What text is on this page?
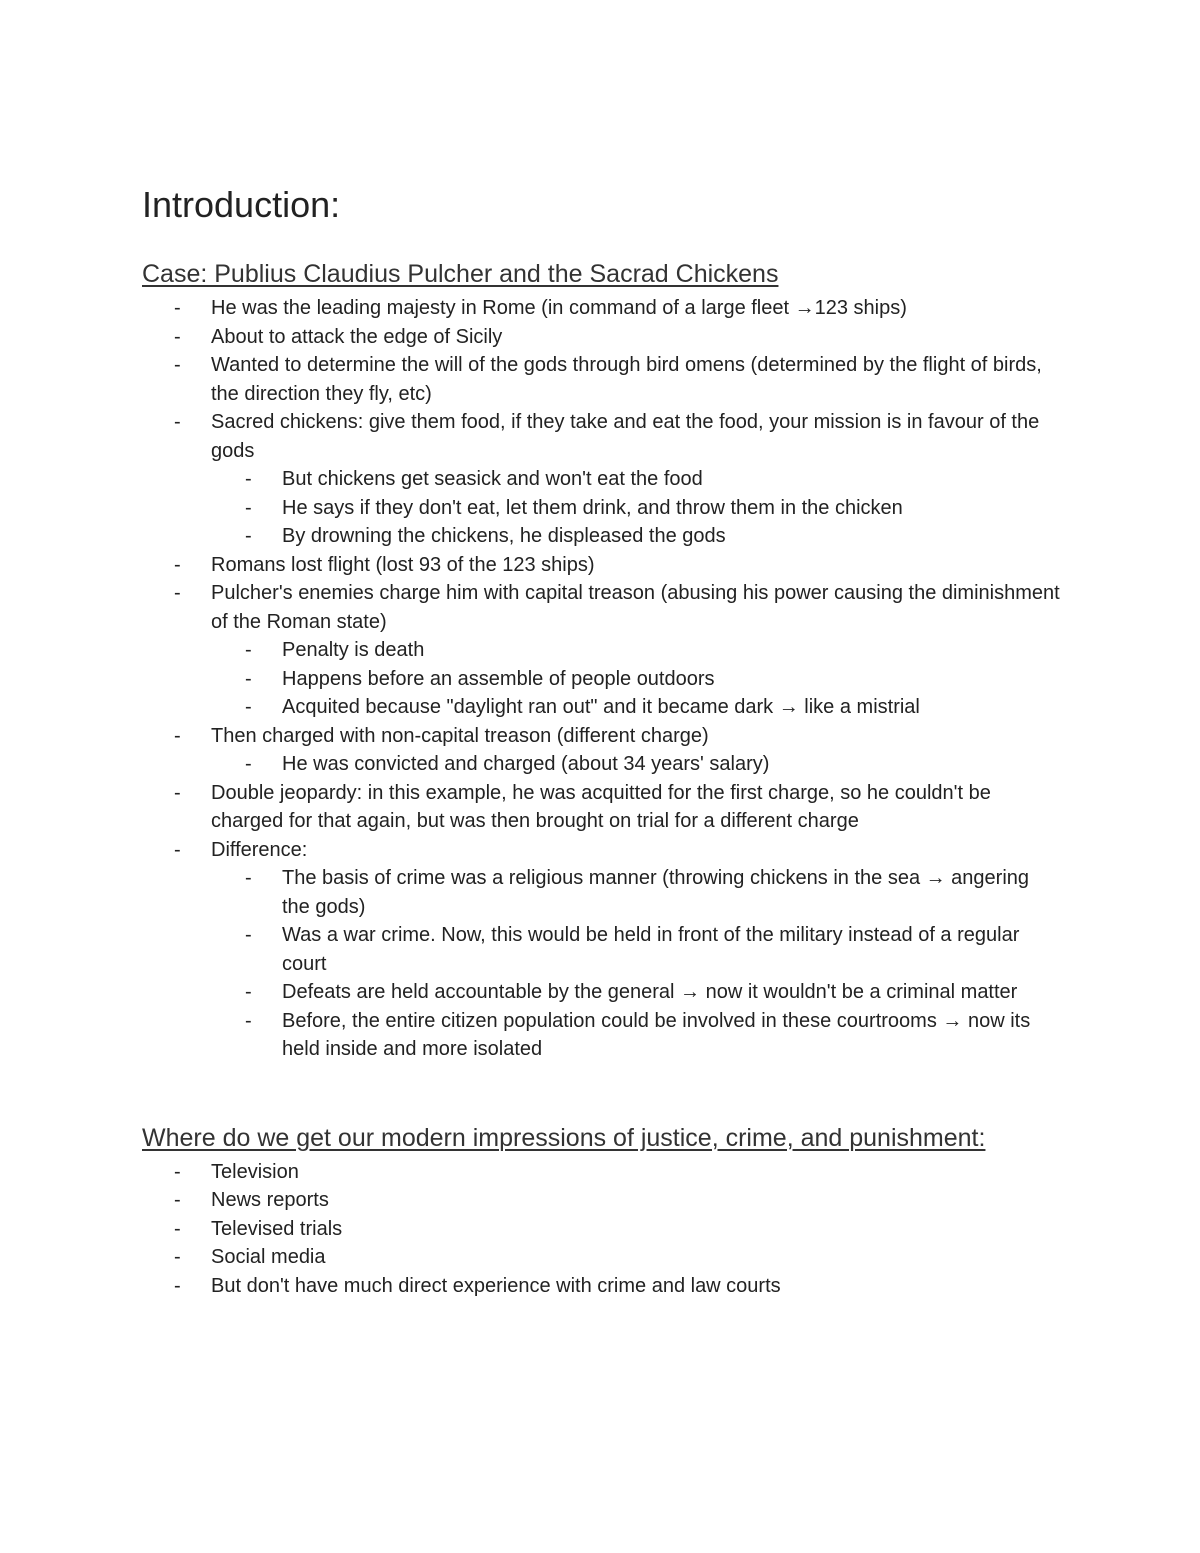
Introduction:
Case: Publius Claudius Pulcher and the Sacrad Chickens
- He was the leading majesty in Rome (in command of a large fleet →123 ships)
- About to attack the edge of Sicily
- Wanted to determine the will of the gods through bird omens (determined by the flight of birds, the direction they fly, etc)
- Sacred chickens: give them food, if they take and eat the food, your mission is in favour of the gods
- But chickens get seasick and won't eat the food
- He says if they don't eat, let them drink, and throw them in the chicken
- By drowning the chickens, he displeased the gods
- Romans lost flight (lost 93 of the 123 ships)
- Pulcher's enemies charge him with capital treason (abusing his power causing the diminishment of the Roman state)
- Penalty is death
- Happens before an assemble of people outdoors
- Acquited because "daylight ran out" and it became dark → like a mistrial
- Then charged with non-capital treason (different charge)
- He was convicted and charged (about 34 years' salary)
- Double jeopardy: in this example, he was acquitted for the first charge, so he couldn't be charged for that again, but was then brought on trial for a different charge
- Difference:
- The basis of crime was a religious manner (throwing chickens in the sea → angering the gods)
- Was a war crime. Now, this would be held in front of the military instead of a regular court
- Defeats are held accountable by the general → now it wouldn't be a criminal matter
- Before, the entire citizen population could be involved in these courtrooms → now its held inside and more isolated
Where do we get our modern impressions of justice, crime, and punishment:
- Television
- News reports
- Televised trials
- Social media
- But don't have much direct experience with crime and law courts
